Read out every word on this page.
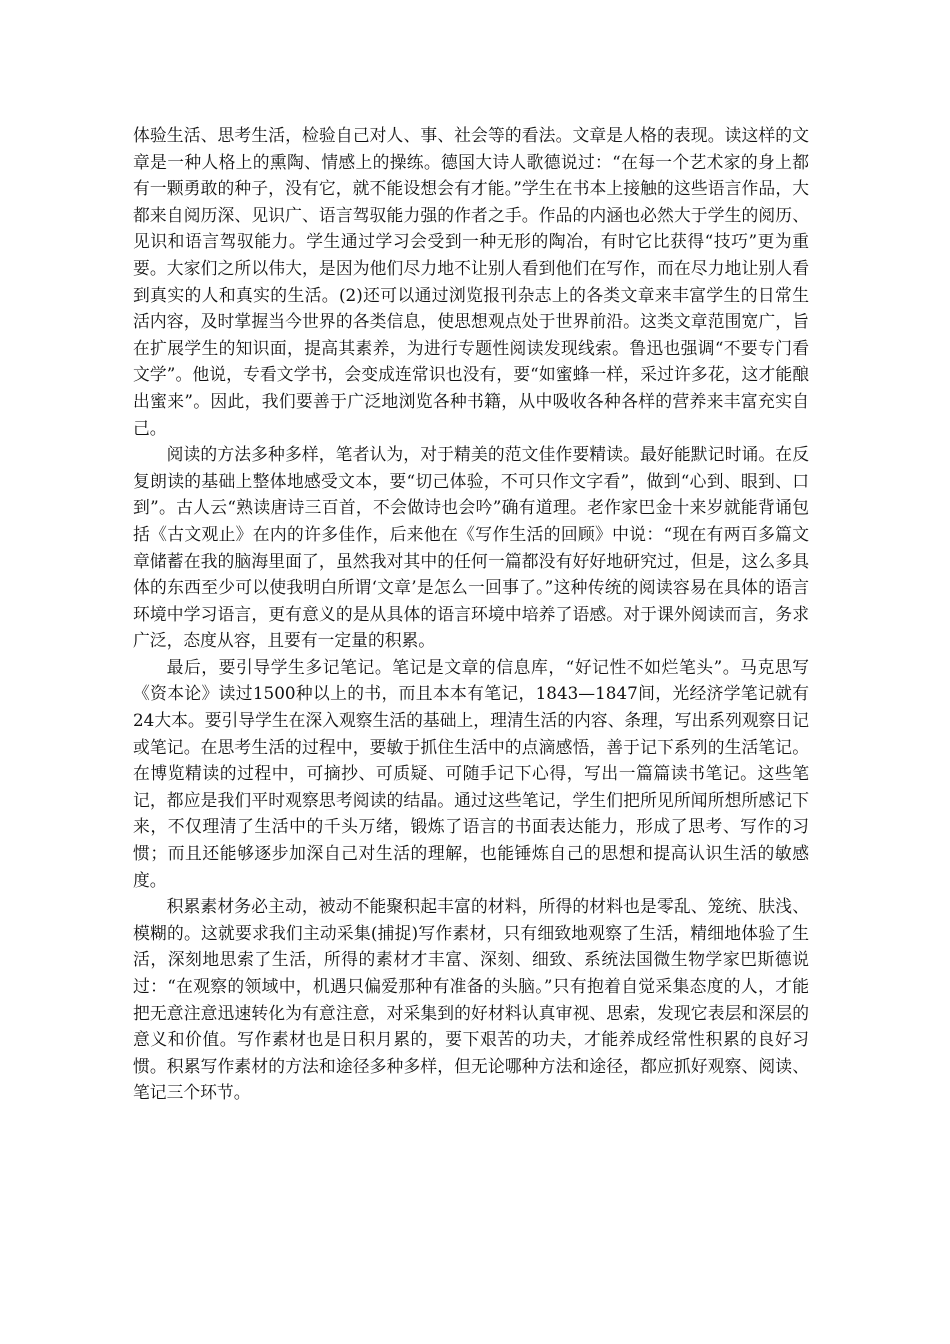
体验生活、思考生活，检验自己对人、事、社会等的看法。文章是人格的表现。读这样的文章是一种人格上的熏陶、情感上的操练。德国大诗人歌德说过：“在每一个艺术家的身上都有一颗勇敢的种子，没有它，就不能设想会有才能。”学生在书本上接触的这些语言作品，大都来自阅历深、见识广、语言驾驭能力强的作者之手。作品的内涵也必然大于学生的阅历、见识和语言驾驭能力。学生通过学习会受到一种无形的陶冶，有时它比获得“技巧”更为重要。大家们之所以伟大，是因为他们尽力地不让别人看到他们在写作，而在尽力地让别人看到真实的人和真实的生活。(2)还可以通过浏览报刊杂志上的各类文章来丰富学生的日常生活内容，及时掌握当今世界的各类信息，使思想观点处于世界前沿。这类文章范围宽广，旨在扩展学生的知识面，提高其素养，为进行专题性阅读发现线索。鲁迅也强调“不要专门看文学”。他说，专看文学书，会变成连常识也没有，要“如蜜蜂一样，采过许多花，这才能酿出蜜来”。因此，我们要善于广泛地浏览各种书籍，从中吸收各种各样的营养来丰富充实自己。

阅读的方法多种多样，笔者认为，对于精美的范文佳作要精读。最好能默记时诵。在反复朗读的基础上整体地感受文本，要“切己体验，不可只作文字看”，做到“心到、眼到、口到”。古人云“熟读唐诗三百首，不会做诗也会吟”确有道理。老作家巴金十来岁就能背诵包括《古文观止》在内的许多佳作，后来他在《写作生活的回顾》中说：“现在有两百多篇文章储蓄在我的脑海里面了，虽然我对其中的任何一篇都没有好好地研究过，但是，这么多具体的东西至少可以使我明白所谓‘文章’是怎么一回事了。”这种传统的阅读容易在具体的语言环境中学习语言，更有意义的是从具体的语言环境中培养了语感。对于课外阅读而言，务求广泛，态度从容，且要有一定量的积累。

最后，要引导学生多记笔记。笔记是文章的信息库，“好记性不如烂笔头”。马克思写《资本论》读过1500种以上的书，而且本本有笔记，1843—1847间，光经济学笔记就有24大本。要引导学生在深入观察生活的基础上，理清生活的内容、条理，写出系列观察日记或笔记。在思考生活的过程中，要敏于抓住生活中的点滴感悟，善于记下系列的生活笔记。在博览精读的过程中，可摘抄、可质疑、可随手记下心得，写出一篇篇读书笔记。这些笔记，都应是我们平时观察思考阅读的结晶。通过这些笔记，学生们把所见所闻所想所感记下来，不仅理清了生活中的千头万绪，锻炼了语言的书面表达能力，形成了思考、写作的习惯；而且还能够逐步加深自己对生活的理解，也能锤炼自己的思想和提高认识生活的敏感度。

积累素材务必主动，被动不能聚积起丰富的材料，所得的材料也是零乱、笼统、肤浅、模糊的。这就要求我们主动采集(捕捉)写作素材，只有细致地观察了生活，精细地体验了生活，深刻地思索了生活，所得的素材才丰富、深刻、细致、系统法国微生物学家巴斯德说过：“在观察的领域中，机遇只偏爱那种有准备的头脑。”只有抱着自觉采集态度的人，才能把无意注意迅速转化为有意注意，对采集到的好材料认真审视、思索，发现它表层和深层的意义和价值。写作素材也是日积月累的，要下艰苦的功夫，才能养成经常性积累的良好习惯。积累写作素材的方法和途径多种多样，但无论哪种方法和途径，都应抓好观察、阅读、笔记三个环节。
